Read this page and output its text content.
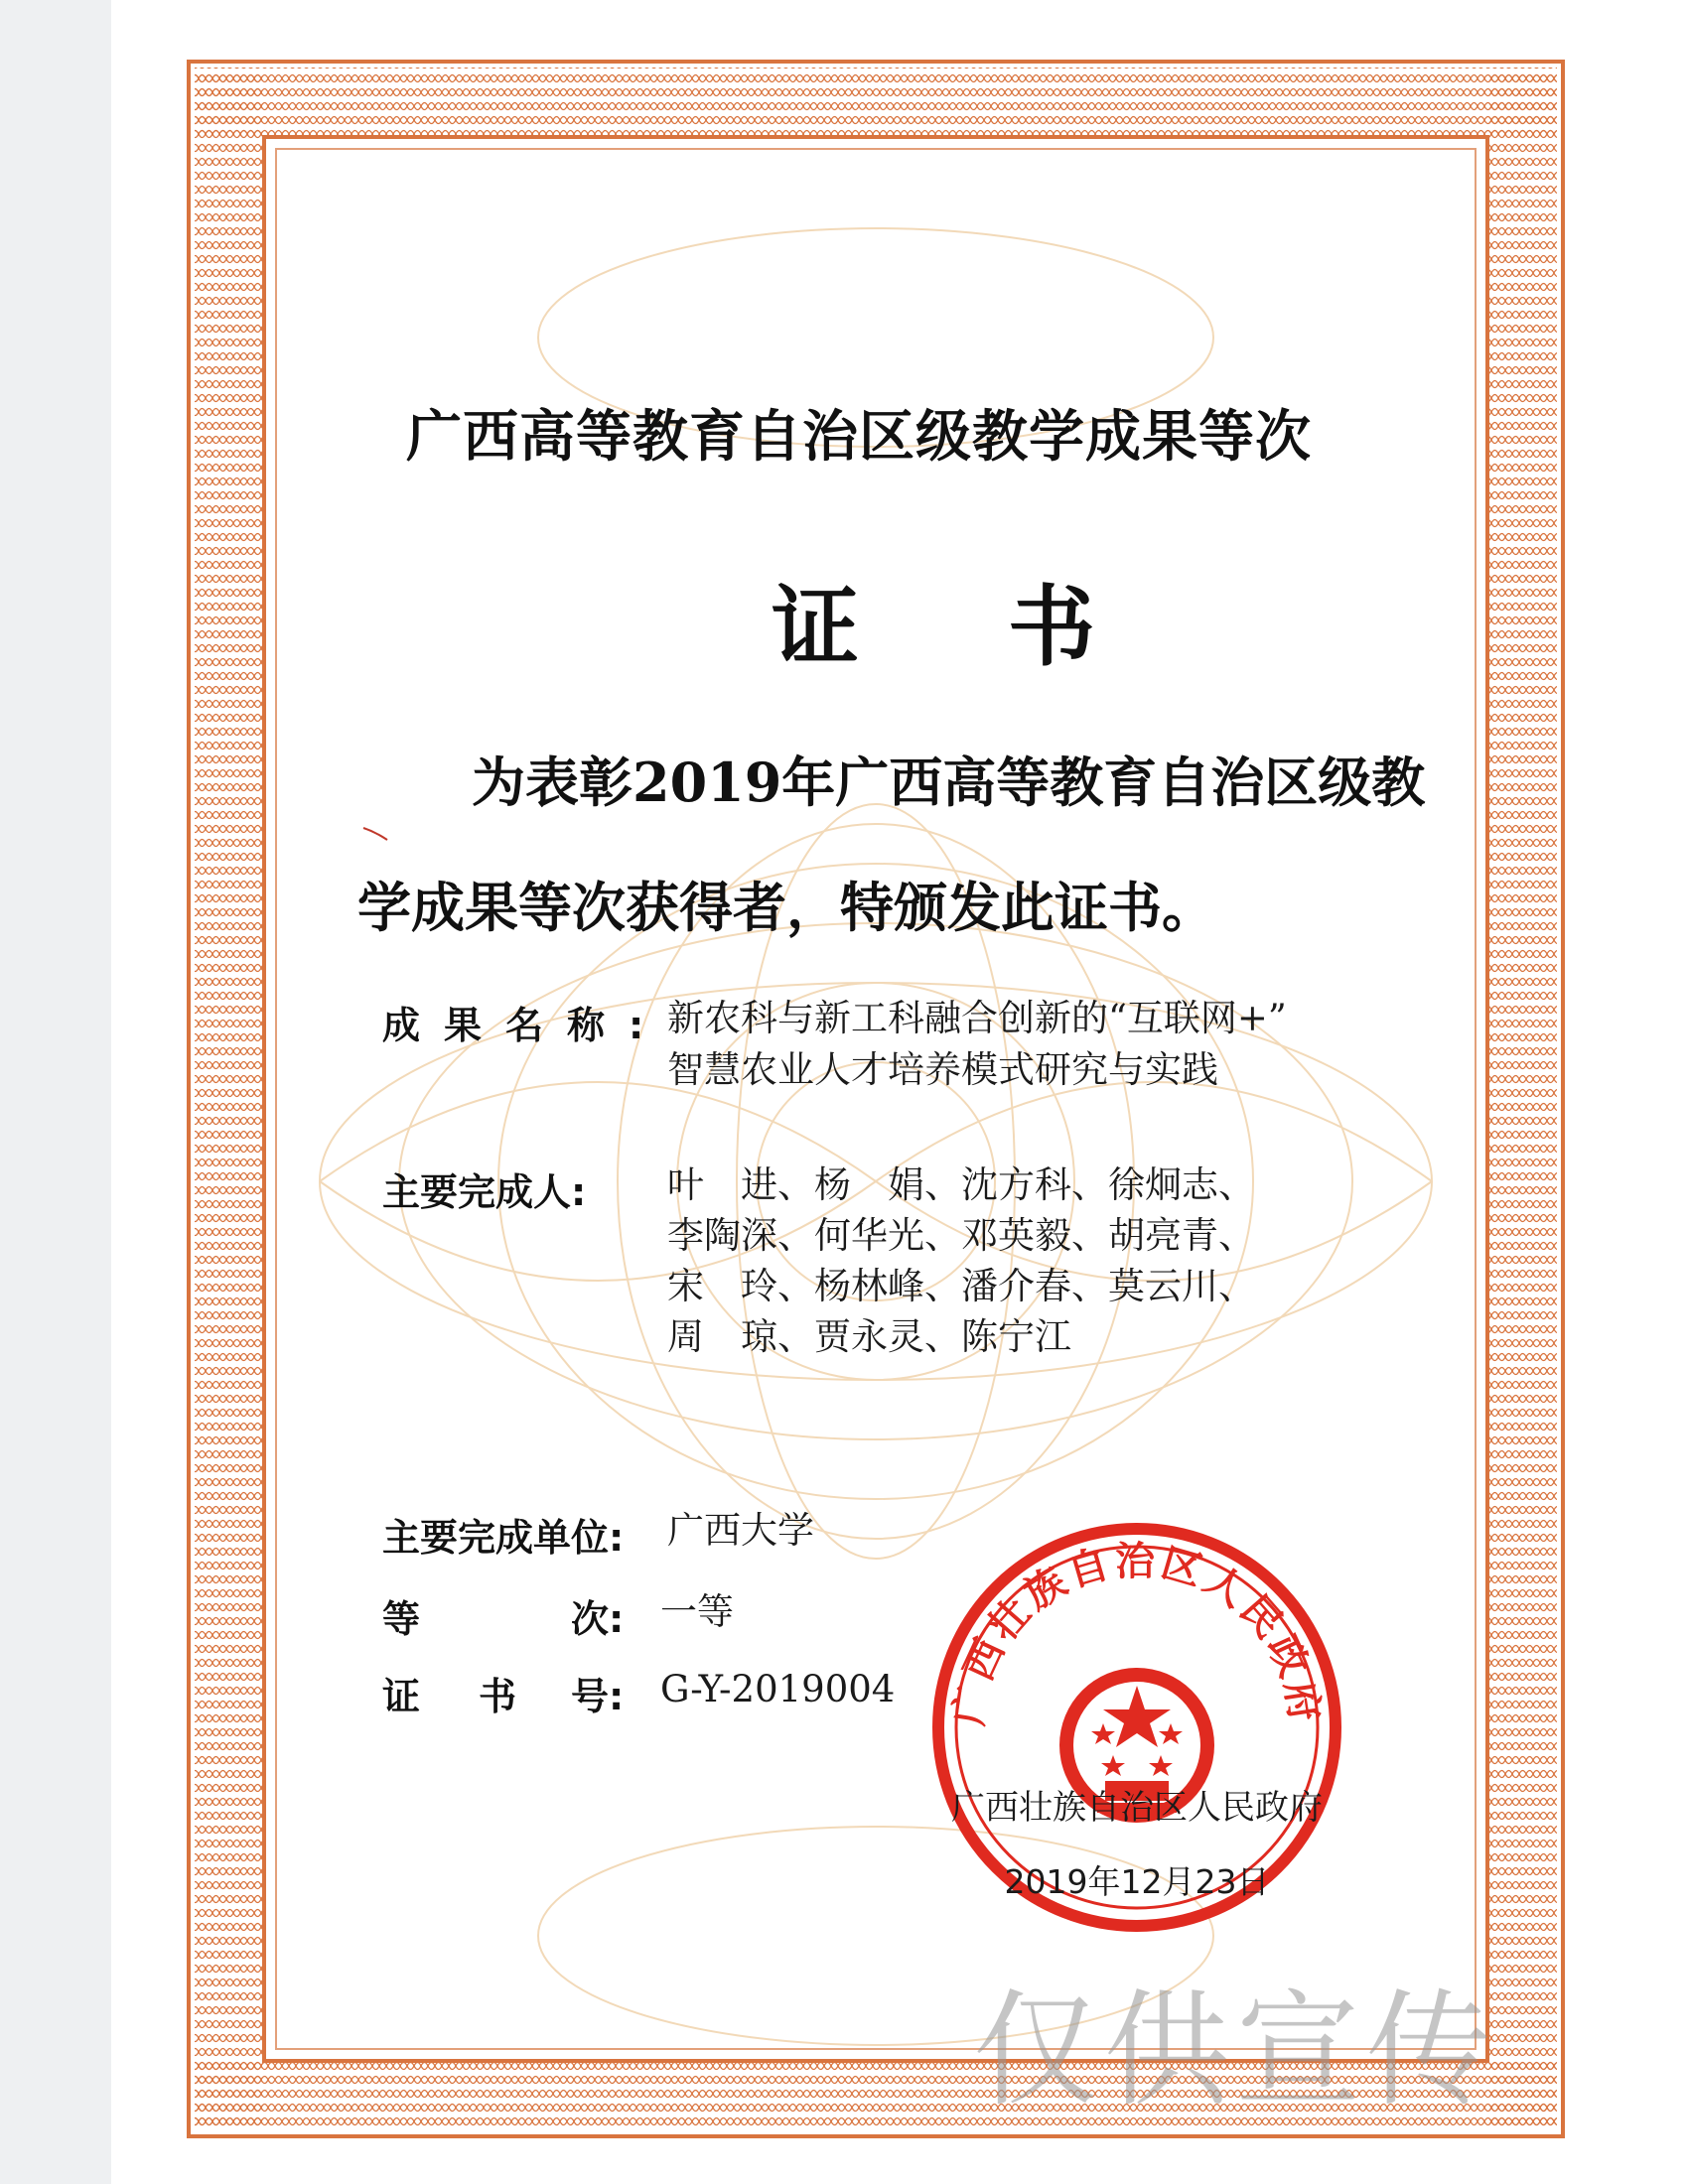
广西高等教育自治区级教学成果等次
证书

为表彰2019年广西高等教育自治区级教学成果等次获得者，特颁发此证书。

成果名称: 新农科与新工科融合创新的“互联网+”
智慧农业人才培养模式研究与实践
主要完成人: 叶　进、杨　娟、沈方科、徐炯志、
李陶深、何华光、邓英毅、胡亮青、
宋　玲、杨林峰、潘介春、莫云川、
周　琼、贾永灵、陈宁江
主要完成单位: 广西大学
等	次: 一等
证 书 号: G-Y-2019004 广西壮族自治区人民政府
广西壮族自治区人民政府
2019年12月23日
仅供宣传
